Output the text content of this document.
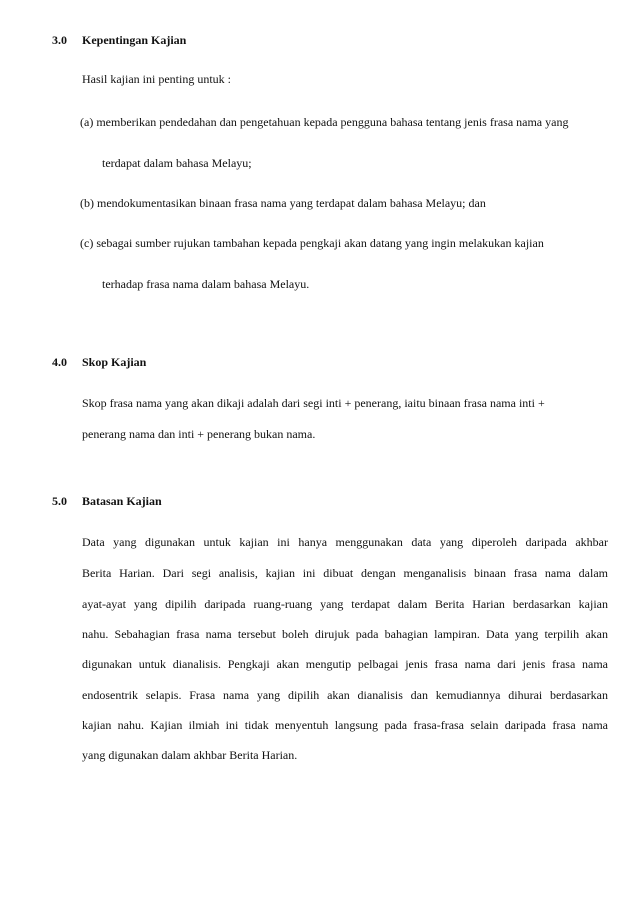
3.0 Kepentingan Kajian
Hasil kajian ini penting untuk :
(a) memberikan pendedahan dan pengetahuan kepada pengguna bahasa tentang jenis frasa nama yang
terdapat dalam bahasa Melayu;
(b) mendokumentasikan binaan frasa nama yang terdapat dalam bahasa Melayu; dan
(c) sebagai sumber rujukan tambahan kepada pengkaji akan datang yang ingin melakukan kajian
terhadap frasa nama dalam bahasa Melayu.
4.0 Skop Kajian
Skop frasa nama yang akan dikaji adalah dari segi inti + penerang, iaitu binaan frasa nama inti +
penerang nama dan inti + penerang bukan nama.
5.0 Batasan Kajian
Data yang digunakan untuk kajian ini hanya menggunakan data yang diperoleh daripada akhbar
Berita Harian. Dari segi analisis, kajian ini dibuat dengan menganalisis binaan frasa nama dalam
ayat-ayat yang dipilih daripada ruang-ruang yang terdapat dalam Berita Harian berdasarkan kajian
nahu. Sebahagian frasa nama tersebut boleh dirujuk pada bahagian lampiran. Data yang terpilih akan
digunakan untuk dianalisis. Pengkaji akan mengutip pelbagai jenis frasa nama dari jenis frasa nama
endosentrik selapis. Frasa nama yang dipilih akan dianalisis dan kemudiannya dihurai berdasarkan
kajian nahu. Kajian ilmiah ini tidak menyentuh langsung pada frasa-frasa selain daripada frasa nama
yang digunakan dalam akhbar Berita Harian.
